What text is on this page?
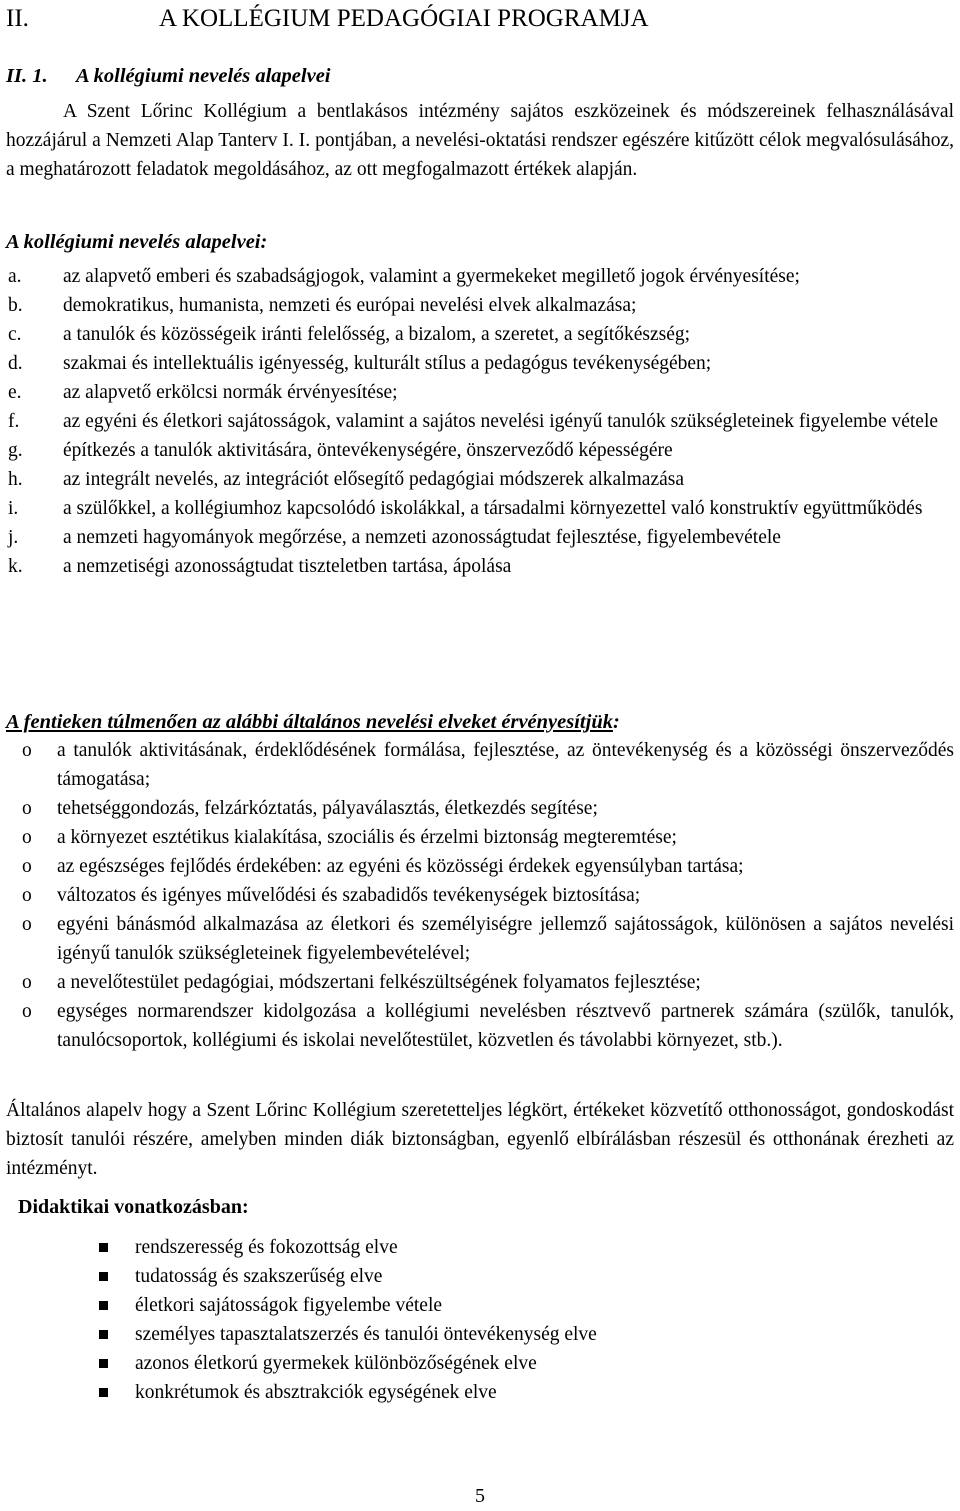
II.	A KOLLÉGIUM PEDAGÓGIAI PROGRAMJA
II. 1. A kollégiumi nevelés alapelvei
A Szent Lőrinc Kollégium a bentlakásos intézmény sajátos eszközeinek és módszereinek felhasználásával hozzájárul a Nemzeti Alap Tanterv I. I. pontjában, a nevelési-oktatási rendszer egészére kitűzött célok megvalósulásához, a meghatározott feladatok megoldásához, az ott megfogalmazott értékek alapján.
A kollégiumi nevelés alapelvei:
a. az alapvető emberi és szabadságjogok, valamint a gyermekeket megillető jogok érvényesítése;
b. demokratikus, humanista, nemzeti és európai nevelési elvek alkalmazása;
c. a tanulók és közösségeik iránti felelősség, a bizalom, a szeretet, a segítőkészség;
d. szakmai és intellektuális igényesség, kulturált stílus a pedagógus tevékenységében;
e. az alapvető erkölcsi normák érvényesítése;
f. az egyéni és életkori sajátosságok, valamint a sajátos nevelési igényű tanulók szükségleteinek figyelembe vétele
g. építkezés a tanulók aktivitására, öntevékenységére, önszerveződő képességére
h. az integrált nevelés, az integrációt elősegítő pedagógiai módszerek alkalmazása
i. a szülőkkel, a kollégiumhoz kapcsolódó iskolákkal, a társadalmi környezettel való konstruktív együttműködés
j. a nemzeti hagyományok megőrzése, a nemzeti azonosságtudat fejlesztése, figyelembevétele
k. a nemzetiségi azonosságtudat tiszteletben tartása, ápolása
A fentieken túlmenően az alábbi általános nevelési elveket érvényesítjük:
o a tanulók aktivitásának, érdeklődésének formálása, fejlesztése, az öntevékenység és a közösségi önszerveződés támogatása;
o tehetséggondozás, felzárkóztatás, pályaválasztás, életkezdés segítése;
o a környezet esztétikus kialakítása, szociális és érzelmi biztonság megteremtése;
o az egészséges fejlődés érdekében: az egyéni és közösségi érdekek egyensúlyban tartása;
o változatos és igényes művelődési és szabadidős tevékenységek biztosítása;
o egyéni bánásmód alkalmazása az életkori és személyiségre jellemző sajátosságok, különösen a sajátos nevelési igényű tanulók szükségleteinek figyelembevételével;
o a nevelőtestület pedagógiai, módszertani felkészültségének folyamatos fejlesztése;
o egységes normarendszer kidolgozása a kollégiumi nevelésben résztvevő partnerek számára (szülők, tanulók, tanulócsoportok, kollégiumi és iskolai nevelőtestület, közvetlen és távolabbi környezet, stb.).
Általános alapelv hogy a Szent Lőrinc Kollégium szeretetteljes légkört, értékeket közvetítő otthonosságot, gondoskodást biztosít tanulói részére, amelyben minden diák biztonságban, egyenlő elbírálásban részesül és otthonának érezheti az intézményt.
Didaktikai vonatkozásban:
rendszeresség és fokozottság elve
tudatosság és szakszerűség elve
életkori sajátosságok figyelembe vétele
személyes tapasztalatszerzés és tanulói öntevékenység elve
azonos életkorú gyermekek különbözőségének elve
konkrétumok és absztrakciók egységének elve
5
